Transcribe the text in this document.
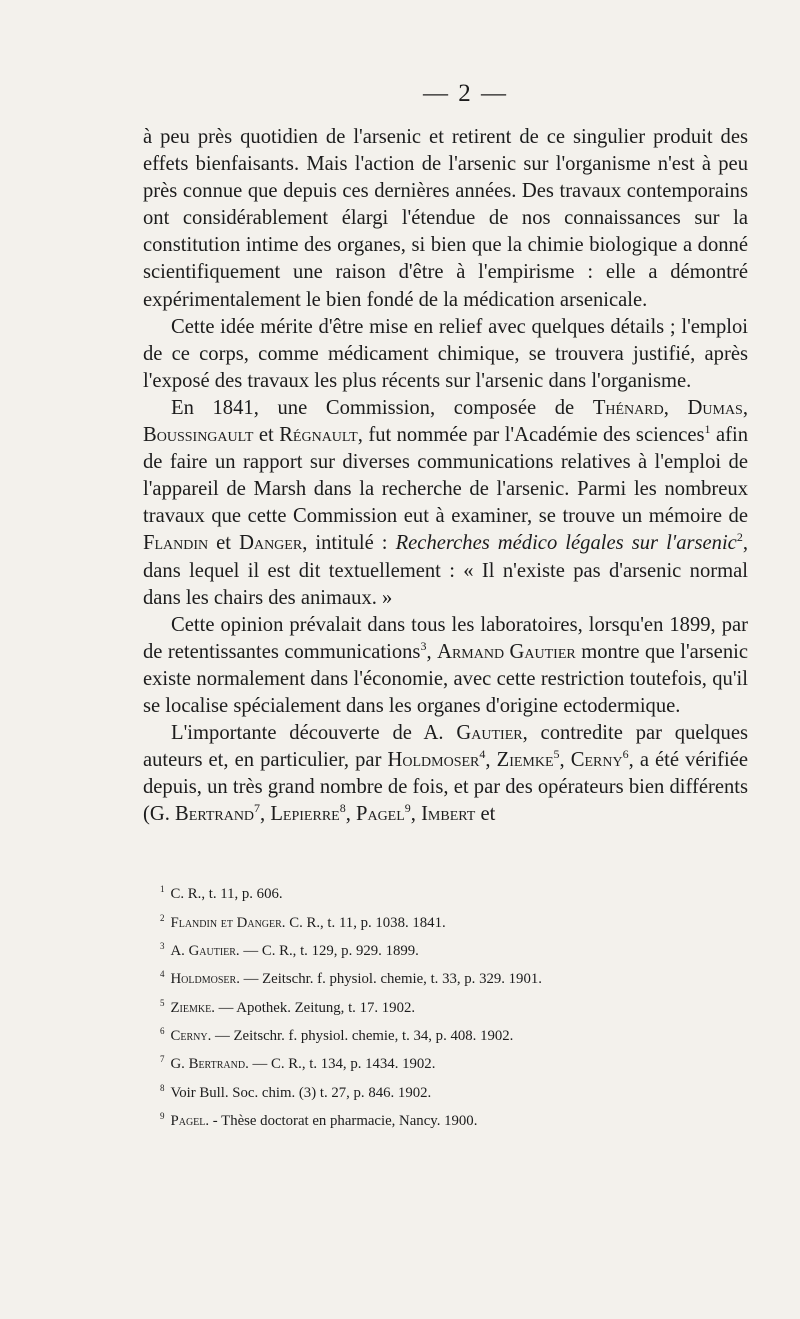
— 2 —

à peu près quotidien de l'arsenic et retirent de ce singulier produit des effets bienfaisants. Mais l'action de l'arsenic sur l'organisme n'est à peu près connue que depuis ces dernières années. Des travaux contemporains ont considérablement élargi l'étendue de nos connaissances sur la constitution intime des organes, si bien que la chimie biologique a donné scientifiquement une raison d'être à l'empirisme : elle a démontré expérimentalement le bien fondé de la médication arsenicale.

Cette idée mérite d'être mise en relief avec quelques détails ; l'emploi de ce corps, comme médicament chimique, se trouvera justifié, après l'exposé des travaux les plus récents sur l'arsenic dans l'organisme.

En 1841, une Commission, composée de Thénard, Dumas, Boussingault et Régnault, fut nommée par l'Académie des sciences$^1$ afin de faire un rapport sur diverses communications relatives à l'emploi de l'appareil de Marsh dans la recherche de l'arsenic. Parmi les nombreux travaux que cette Commission eut à examiner, se trouve un mémoire de Flandin et Danger, intitulé : Recherches médico légales sur l'arsenic$^2$, dans lequel il est dit textuellement : « Il n'existe pas d'arsenic normal dans les chairs des animaux. »

Cette opinion prévalait dans tous les laboratoires, lorsqu'en 1899, par de retentissantes communications$^3$, Armand Gautier montre que l'arsenic existe normalement dans l'économie, avec cette restriction toutefois, qu'il se localise spécialement dans les organes d'origine ectodermique.

L'importante découverte de A. Gautier, contredite par quelques auteurs et, en particulier, par Holdmoser$^4$, Ziemke$^5$, Cerny$^6$, a été vérifiée depuis, un très grand nombre de fois, et par des opérateurs bien différents (G. Bertrand$^7$, Lepierre$^8$, Pagel$^9$, Imbert et

$^1$ C. R., t. 11, p. 606.
$^2$ Flandin et Danger. C. R., t. 11, p. 1038. 1841.
$^3$ A. Gautier. — C. R., t. 129, p. 929. 1899.
$^4$ Holdmoser. — Zeitschr. f. physiol. chemie, t. 33, p. 329. 1901.
$^5$ Ziemke. — Apothek. Zeitung, t. 17. 1902.
$^6$ Cerny. — Zeitschr. f. physiol. chemie, t. 34, p. 408. 1902.
$^7$ G. Bertrand. — C. R., t. 134, p. 1434. 1902.
$^8$ Voir Bull. Soc. chim. (3) t. 27, p. 846. 1902.
$^9$ Pagel. - Thèse doctorat en pharmacie, Nancy. 1900.
